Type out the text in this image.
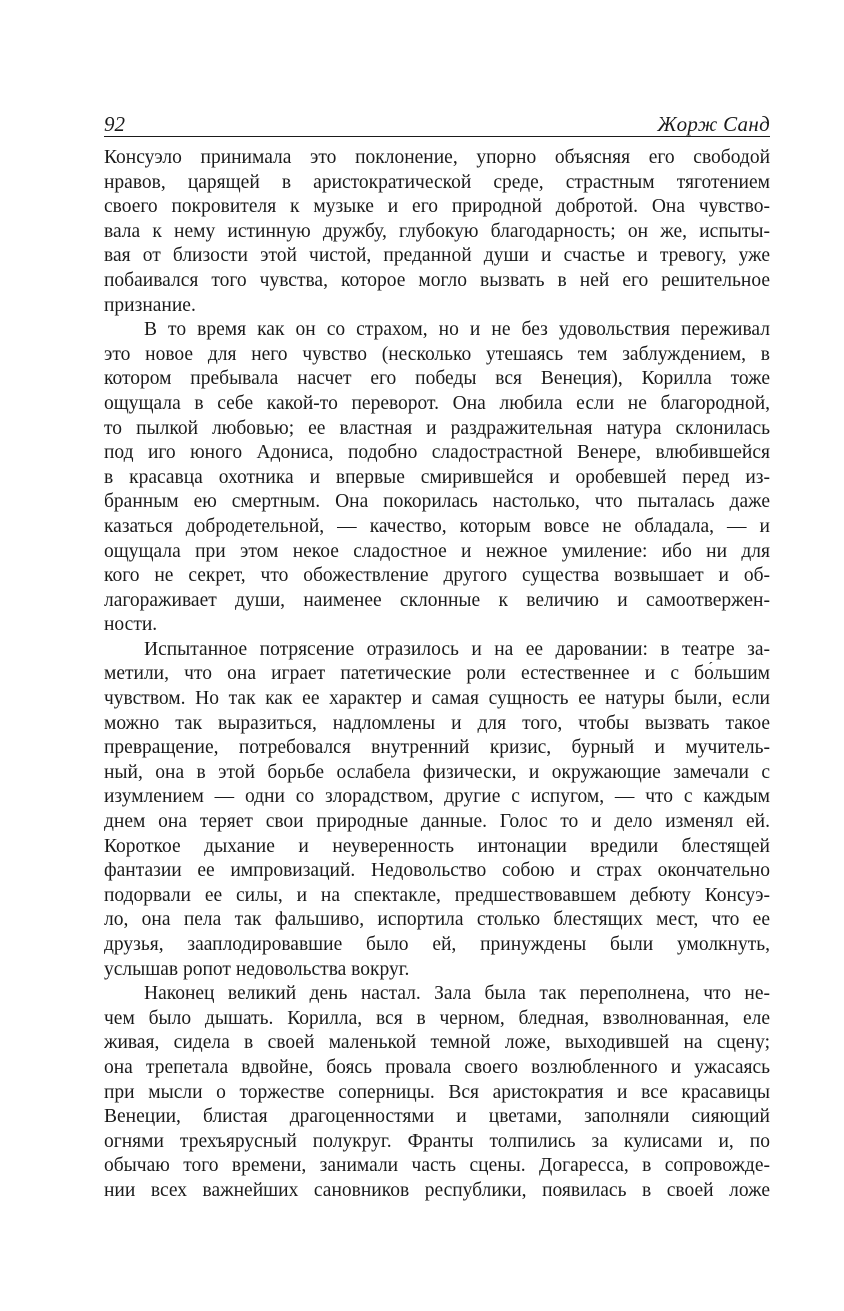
92	Жорж Санд
Консуэло принимала это поклонение, упорно объясняя его свободой
нравов, царящей в аристократической среде, страстным тяготением
своего покровителя к музыке и его природной добротой. Она чувство-
вала к нему истинную дружбу, глубокую благодарность; он же, испыты-
вая от близости этой чистой, преданной души и счастье и тревогу, уже
побаивался того чувства, которое могло вызвать в ней его решительное
признание.
В то время как он со страхом, но и не без удовольствия переживал
это новое для него чувство (несколько утешаясь тем заблуждением, в
котором пребывала насчет его победы вся Венеция), Корилла тоже
ощущала в себе какой-то переворот. Она любила если не благородной,
то пылкой любовью; ее властная и раздражительная натура склонилась
под иго юного Адониса, подобно сладострастной Венере, влюбившейся
в красавца охотника и впервые смирившейся и оробевшей перед из-
бранным ею смертным. Она покорилась настолько, что пыталась даже
казаться добродетельной, — качество, которым вовсе не обладала, — и
ощущала при этом некое сладостное и нежное умиление: ибо ни для
кого не секрет, что обожествление другого существа возвышает и об-
лагораживает души, наименее склонные к величию и самоотвержен-
ности.
Испытанное потрясение отразилось и на ее даровании: в театре за-
метили, что она играет патетические роли естественнее и с бо́льшим
чувством. Но так как ее характер и самая сущность ее натуры были, если
можно так выразиться, надломлены и для того, чтобы вызвать такое
превращение, потребовался внутренний кризис, бурный и мучитель-
ный, она в этой борьбе ослабела физически, и окружающие замечали с
изумлением — одни со злорадством, другие с испугом, — что с каждым
днем она теряет свои природные данные. Голос то и дело изменял ей.
Короткое дыхание и неуверенность интонации вредили блестящей
фантазии ее импровизаций. Недовольство собою и страх окончательно
подорвали ее силы, и на спектакле, предшествовавшем дебюту Консуэ-
ло, она пела так фальшиво, испортила столько блестящих мест, что ее
друзья, зааплодировавшие было ей, принуждены были умолкнуть,
услышав ропот недовольства вокруг.
Наконец великий день настал. Зала была так переполнена, что не-
чем было дышать. Корилла, вся в черном, бледная, взволнованная, еле
живая, сидела в своей маленькой темной ложе, выходившей на сцену;
она трепетала вдвойне, боясь провала своего возлюбленного и ужасаясь
при мысли о торжестве соперницы. Вся аристократия и все красавицы
Венеции, блистая драгоценностями и цветами, заполняли сияющий
огнями трехъярусный полукруг. Франты толпились за кулисами и, по
обычаю того времени, занимали часть сцены. Догаресса, в сопровожде-
нии всех важнейших сановников республики, появилась в своей ложе
